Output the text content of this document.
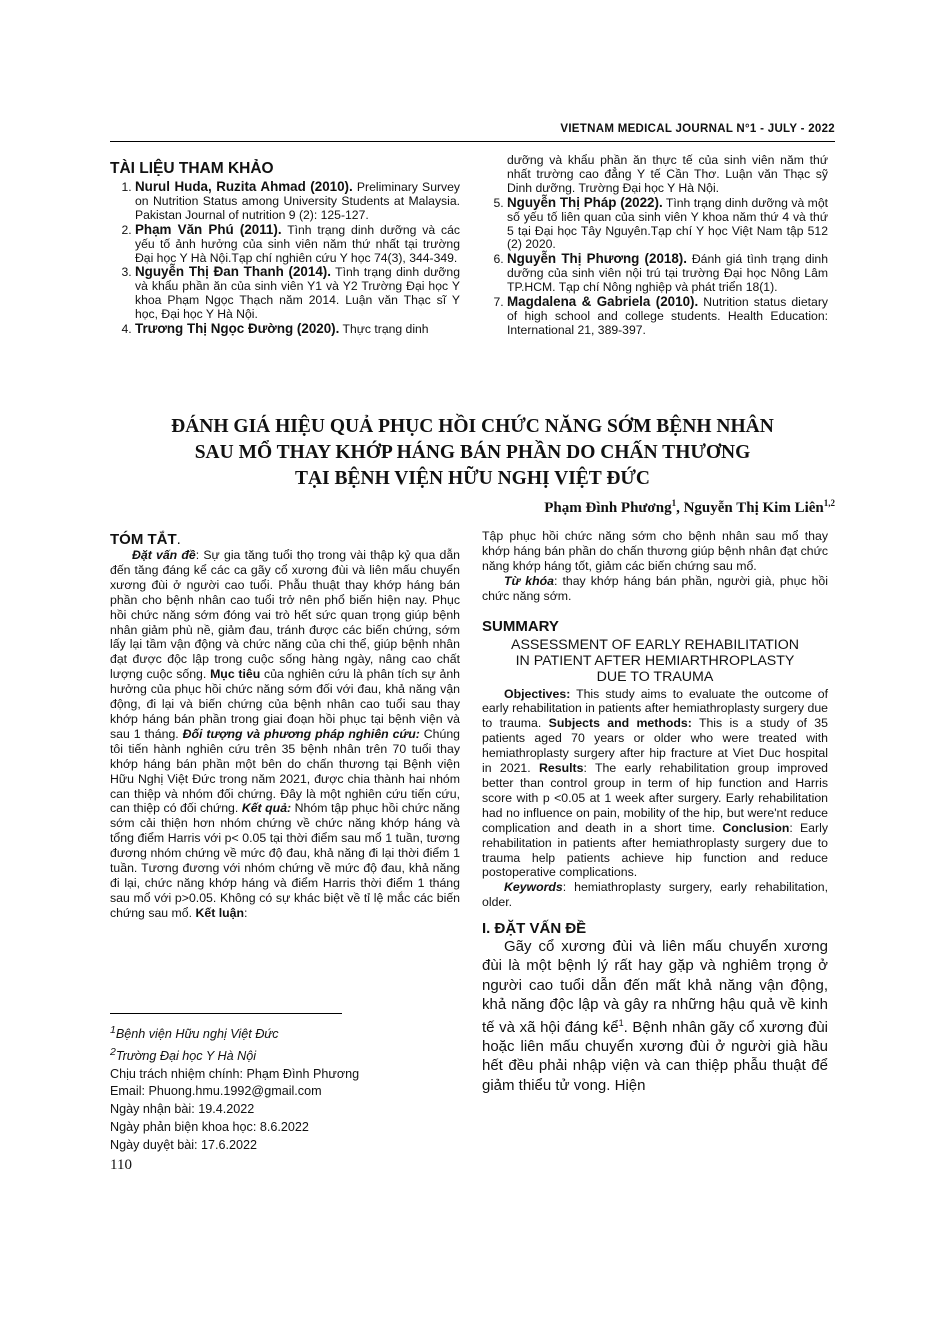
VIETNAM MEDICAL JOURNAL N°1 - JULY - 2022
TÀI LIỆU THAM KHẢO
1. Nurul Huda, Ruzita Ahmad (2010). Preliminary Survey on Nutrition Status among University Students at Malaysia. Pakistan Journal of nutrition 9 (2): 125-127.
2. Phạm Văn Phú (2011). Tình trạng dinh dưỡng và các yếu tố ảnh hưởng của sinh viên năm thứ nhất tại trường Đại học Y Hà Nội.Tạp chí nghiên cứu Y học 74(3), 344-349.
3. Nguyễn Thị Đan Thanh (2014). Tình trạng dinh dưỡng và khẩu phần ăn của sinh viên Y1 và Y2 Trường Đại học Y khoa Phạm Ngọc Thạch năm 2014. Luận văn Thạc sĩ Y học, Đại học Y Hà Nội.
4. Trương Thị Ngọc Đường (2020). Thực trạng dinh
dưỡng và khẩu phần ăn thực tế của sinh viên năm thứ nhất trường cao đẳng Y tế Cần Thơ. Luận văn Thạc sỹ Dinh dưỡng. Trường Đại học Y Hà Nội.
5. Nguyễn Thị Pháp (2022). Tình trạng dinh dưỡng và một số yếu tố liên quan của sinh viên Y khoa năm thứ 4 và thứ 5 tại Đại học Tây Nguyên.Tạp chí Y học Việt Nam tập 512 (2) 2020.
6. Nguyễn Thị Phương (2018). Đánh giá tình trạng dinh dưỡng của sinh viên nội trú tại trường Đại học Nông Lâm TP.HCM. Tạp chí Nông nghiệp và phát triển 18(1).
7. Magdalena & Gabriela (2010). Nutrition status dietary of high school and college students. Health Education: International 21, 389-397.
ĐÁNH GIÁ HIỆU QUẢ PHỤC HỒI CHỨC NĂNG SỚM BỆNH NHÂN
SAU MỔ THAY KHỚP HÁNG BÁN PHẦN DO CHẤN THƯƠNG
TẠI BỆNH VIỆN HỮU NGHỊ VIỆT ĐỨC
Phạm Đình Phương$^1$, Nguyễn Thị Kim Liên$^{1,2}$
TÓM TẮT.

Đặt vấn đề: Sự gia tăng tuổi thọ trong vài thập kỷ qua dẫn đến tăng đáng kể các ca gãy cổ xương đùi và liên mấu chuyển xương đùi ở người cao tuổi. Phẫu thuật thay khớp háng bán phần cho bệnh nhân cao tuổi trở nên phổ biến hiện nay. Phục hồi chức năng sớm đóng vai trò hết sức quan trọng giúp bệnh nhân giảm phù nề, giảm đau, tránh được các biến chứng, sớm lấy lại tầm vận động và chức năng của chi thể, giúp bệnh nhân đạt được độc lập trong cuộc sống hàng ngày, nâng cao chất lượng cuộc sống. Mục tiêu của nghiên cứu là phân tích sự ảnh hưởng của phục hồi chức năng sớm đối với đau, khả năng vận động, đi lại và biến chứng của bệnh nhân cao tuổi sau thay khớp háng bán phần trong giai đoạn hồi phục tại bệnh viện và sau 1 tháng. Đối tượng và phương pháp nghiên cứu: Chúng tôi tiến hành nghiên cứu trên 35 bệnh nhân trên 70 tuổi thay khớp háng bán phần một bên do chấn thương tại Bệnh viện Hữu Nghị Việt Đức trong năm 2021, được chia thành hai nhóm can thiệp và nhóm đối chứng. Đây là một nghiên cứu tiến cứu, can thiệp có đối chứng. Kết quả: Nhóm tập phục hồi chức năng sớm cải thiện hơn nhóm chứng về chức năng khớp háng và tổng điểm Harris với p< 0.05 tại thời điểm sau mổ 1 tuần, tương đương nhóm chứng về mức độ đau, khả năng đi lại thời điểm 1 tuần. Tương đương với nhóm chứng về mức độ đau, khả năng đi lại, chức năng khớp háng và điểm Harris thời điểm 1 tháng sau mổ với p>0.05. Không có sự khác biệt về tỉ lệ mắc các biến chứng sau mổ. Kết luận:

$^1$Bệnh viện Hữu nghị Việt Đức
$^2$Trường Đại học Y Hà Nội
Chịu trách nhiệm chính: Phạm Đình Phương
Email: Phuong.hmu.1992@gmail.com
Ngày nhận bài: 19.4.2022
Ngày phản biện khoa học: 8.6.2022
Ngày duyệt bài: 17.6.2022
110

Tập phục hồi chức năng sớm cho bệnh nhân sau mổ thay khớp háng bán phần do chấn thương giúp bệnh nhân đạt chức năng khớp háng tốt, giảm các biến chứng sau mổ.

Từ khóa: thay khớp háng bán phần, người già, phục hồi chức năng sớm.

SUMMARY
ASSESSMENT OF EARLY REHABILITATION
IN PATIENT AFTER HEMIARTHROPLASTY
DUE TO TRAUMA

Objectives: This study aims to evaluate the outcome of early rehabilitation in patients after hemiathroplasty surgery due to trauma. Subjects and methods: This is a study of 35 patients aged 70 years or older who were treated with hemiathroplasty surgery after hip fracture at Viet Duc hospital in 2021. Results: The early rehabilitation group improved better than control group in term of hip function and Harris score with p <0.05 at 1 week after surgery. Early rehabilitation had no influence on pain, mobility of the hip, but were'nt reduce complication and death in a short time. Conclusion: Early rehabilitation in patients after hemiathroplasty surgery due to trauma help patients achieve hip function and reduce postoperative complications.

Keywords: hemiathroplasty surgery, early rehabilitation, older.

I. ĐẶT VẤN ĐỀ

Gãy cổ xương đùi và liên mấu chuyển xương đùi là một bệnh lý rất hay gặp và nghiêm trọng ở người cao tuổi dẫn đến mất khả năng vận động, khả năng độc lập và gây ra những hậu quả về kinh tế và xã hội đáng kể$^1$. Bệnh nhân gãy cổ xương đùi hoặc liên mấu chuyển xương đùi ở người già hầu hết đều phải nhập viện và can thiệp phẫu thuật để giảm thiểu tử vong. Hiện
